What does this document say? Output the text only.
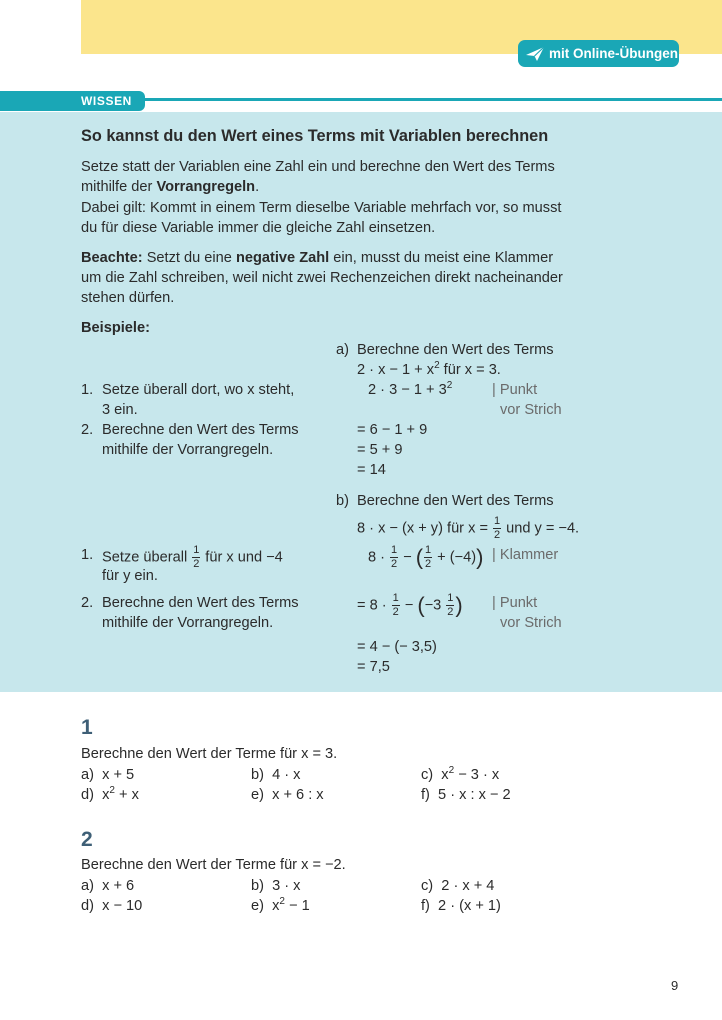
mit Online-Übungen
WISSEN
So kannst du den Wert eines Terms mit Variablen berechnen
Setze statt der Variablen eine Zahl ein und berechne den Wert des Terms
mithilfe der Vorrangregeln.
Dabei gilt: Kommt in einem Term dieselbe Variable mehrfach vor, so musst
du für diese Variable immer die gleiche Zahl einsetzen.
Beachte: Setzt du eine negative Zahl ein, musst du meist eine Klammer
um die Zahl schreiben, weil nicht zwei Rechenzeichen direkt nacheinander
stehen dürfen.
Beispiele:
a) Berechne den Wert des Terms
$2 \cdot x - 1 + x^2$ für x = 3.
1. Setze überall dort, wo x steht,
3 ein.
2. Berechne den Wert des Terms
mithilfe der Vorrangregeln.
$2 \cdot 3 - 1 + 3^2$	| Punkt
vor Strich
= 6 − 1 + 9
= 5 + 9
= 14
b) Berechne den Wert des Terms
8 · x − (x + y) für $x = \frac{1}{2}$ und y = −4.
1. Setze überall $\frac{1}{2}$ für x und −4
für y ein.
$8 \cdot \frac{1}{2}$ − ( $\frac{1}{2} + (-4)$) | Klammer
2. Berechne den Wert des Terms
mithilfe der Vorrangregeln.
= $8 \cdot \frac{1}{2} - (-3 \frac{1}{2}$ ) | Punkt
vor Strich
= 4 − (− 3,5)
= 7,5
1
Berechne den Wert der Terme für x = 3.
a) x + 5	b) 4 · x	c) $x^2 - 3 \cdot x$
d) $x^2 + x$	e) x + 6 : x	f) 5 · x : x − 2
2
Berechne den Wert der Terme für x = −2.
a) x + 6	b) 3 · x	c) 2 · x + 4
d) x − 10	e) $x^2 - 1$	f) 2 · (x + 1)
9
